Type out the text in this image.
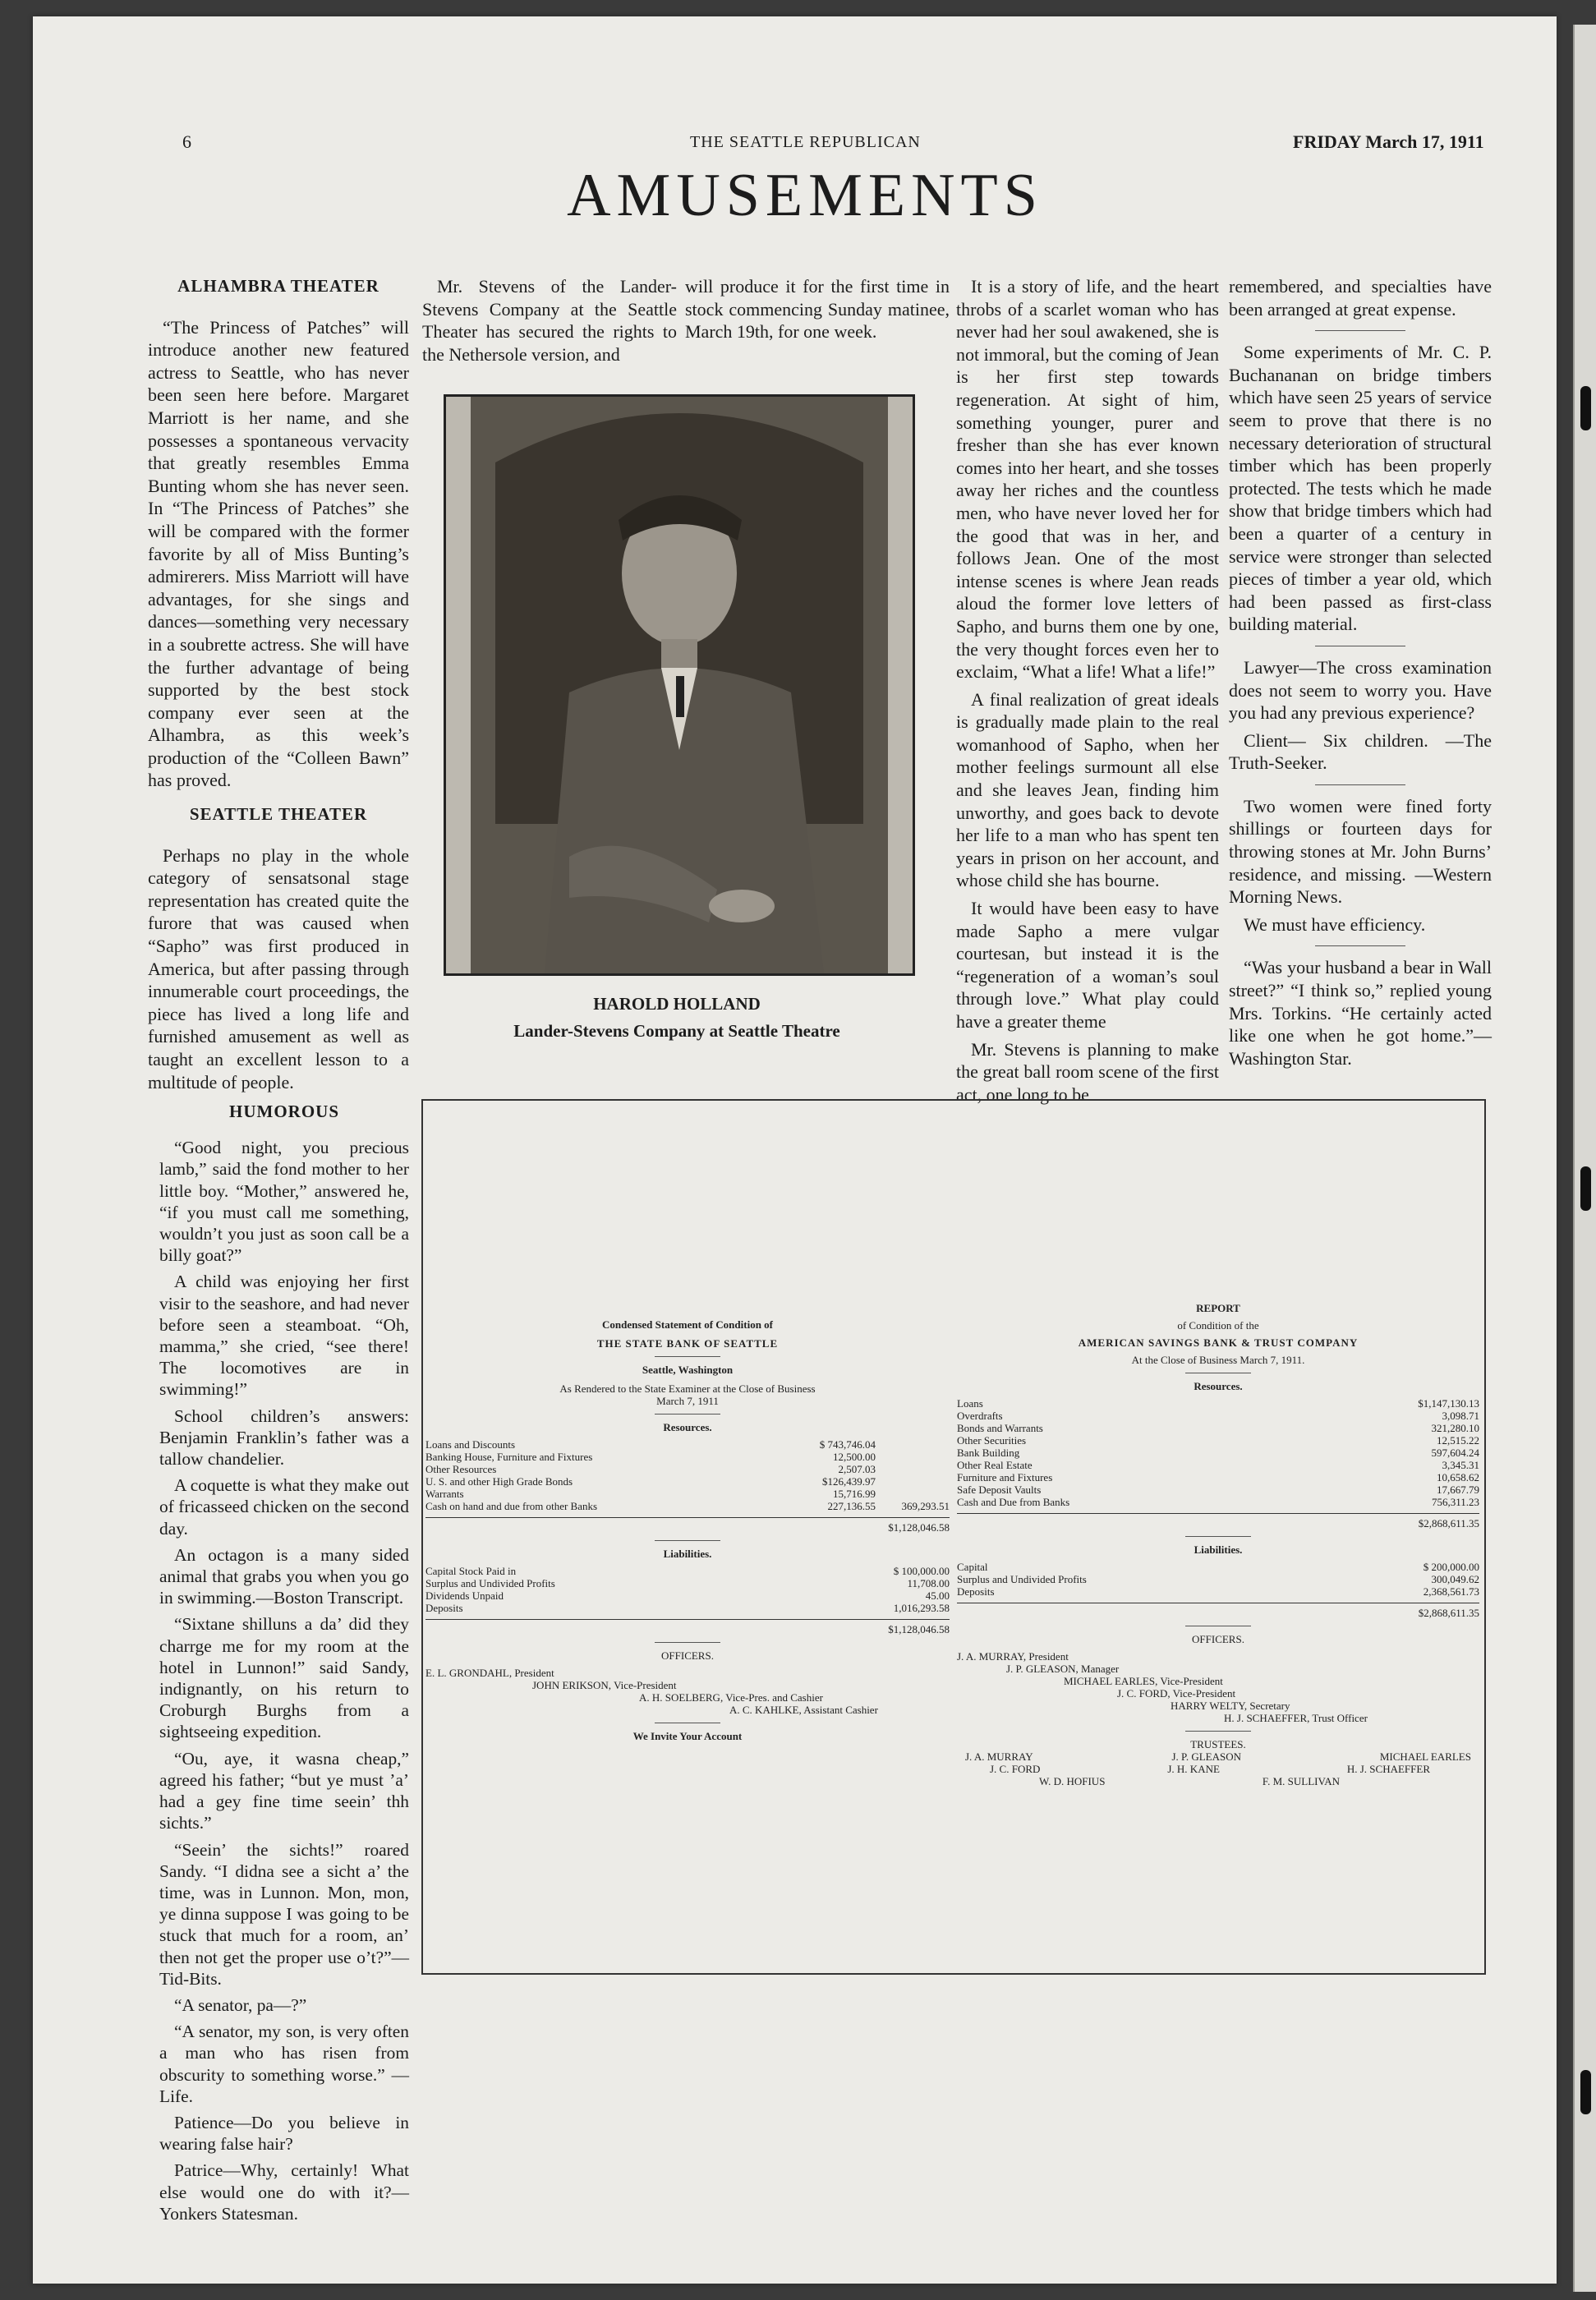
6	THE SEATTLE REPUBLICAN	FRIDAY March 17, 1911
AMUSEMENTS
ALHAMBRA THEATER

“The Princess of Patches” will introduce another new featured actress to Seattle, who has never been seen here before. Margaret Marriott is her name, and she possesses a spontaneous vervacity that greatly resembles Emma Bunting whom she has never seen. In “The Princess of Patches” she will be compared with the former favorite by all of Miss Bunting’s admirerers. Miss Marriott will have advantages, for she sings and dances—something very necessary in a soubrette actress. She will have the further advantage of being supported by the best stock company ever seen at the Alhambra, as this week’s production of the “Colleen Bawn” has proved.

SEATTLE THEATER

Perhaps no play in the whole category of sensatsonal stage representation has created quite the furore that was caused when “Sapho” was first produced in America, but after passing through innumerable court proceedings, the piece has lived a long life and furnished amusement as well as taught an excellent lesson to a multitude of people.

Mr. Stevens of the Lander-Stevens Company at the Seattle Theater has secured the rights to the Nethersole version, and

will produce it for the first time in stock commencing Sunday matinee, March 19th, for one week.

HAROLD HOLLAND
Lander-Stevens Company at Seattle Theatre

It is a story of life, and the heart throbs of a scarlet woman who has never had her soul awakened, she is not immoral, but the coming of Jean is her first step towards regeneration. At sight of him, something younger, purer and fresher than she has ever known comes into her heart, and she tosses away her riches and the countless men, who have never loved her for the good that was in her, and follows Jean. One of the most intense scenes is where Jean reads aloud the former love letters of Sapho, and burns them one by one, the very thought forces even her to exclaim, “What a life! What a life!”

A final realization of great ideals is gradually made plain to the real womanhood of Sapho, when her mother feelings surmount all else and she leaves Jean, finding him unworthy, and goes back to devote her life to a man who has spent ten years in prison on her account, and whose child she has bourne.

It would have been easy to have made Sapho a mere vulgar courtesan, but instead it is the “regeneration of a woman’s soul through love.” What play could have a greater theme

Mr. Stevens is planning to make the great ball room scene of the first act, one long to be

remembered, and specialties have been arranged at great expense.

Some experiments of Mr. C. P. Buchananan on bridge timbers which have seen 25 years of service seem to prove that there is no necessary deterioration of structural timber which has been properly protected. The tests which he made show that bridge timbers which had been a quarter of a century in service were stronger than selected pieces of timber a year old, which had been passed as first-class building material.

Lawyer—The cross examination does not seem to worry you. Have you had any previous experience?

Client— Six children. —The Truth-Seeker.

Two women were fined forty shillings or fourteen days for throwing stones at Mr. John Burns’ residence, and missing. —Western Morning News.

We must have efficiency.

“Was your husband a bear in Wall street?” “I think so,” replied young Mrs. Torkins. “He certainly acted like one when he got home.”—Washington Star.

HUMOROUS

“Good night, you precious lamb,” said the fond mother to her little boy. “Mother,” answered he, “if you must call me something, wouldn’t you just as soon call be a billy goat?”

A child was enjoying her first visir to the seashore, and had never before seen a steamboat. “Oh, mamma,” she cried, “see there! The locomotives are in swimming!”

School children’s answers: Benjamin Franklin’s father was a tallow chandelier.

A coquette is what they make out of fricasseed chicken on the second day.

An octagon is a many sided animal that grabs you when you go in swimming.—Boston Transcript.

“Sixtane shilluns a da’ did they charrge me for my room at the hotel in Lunnon!” said Sandy, indignantly, on his return to Croburgh Burghs from a sightseeing expedition.

“Ou, aye, it wasna cheap,” agreed his father; “but ye must ’a’ had a gey fine time seein’ thh sichts.”

“Seein’ the sichts!” roared Sandy. “I didna see a sicht a’ the time, was in Lunnon. Mon, mon, ye dinna suppose I was going to be stuck that much for a room, an’ then not get the proper use o’t?”—Tid-Bits.

“A senator, pa—?”

“A senator, my son, is very often a man who has risen from obscurity to something worse.” —Life.

Patience—Do you believe in wearing false hair?

Patrice—Why, certainly! What else would one do with it?—Yonkers Statesman.

Condensed Statement of Condition of
THE STATE BANK OF SEATTLE
Seattle, Washington
As Rendered to the State Examiner at the Close of Business
March 7, 1911
Resources.
Loans and Discounts	$ 743,746.04
Banking House, Furniture and Fixtures	12,500.00
Other Resources	2,507.03
U. S. and other High Grade Bonds	$126,439.97
Warrants	15,716.99
Cash on hand and due from other Banks	227,136.55	369,293.51
$1,128,046.58
Liabilities.
Capital Stock Paid in	$ 100,000.00
Surplus and Undivided Profits	11,708.00
Dividends Unpaid	45.00
Deposits	1,016,293.58
$1,128,046.58
OFFICERS.
E. L. GRONDAHL, President
JOHN ERIKSON, Vice-President
A. H. SOELBERG, Vice-Pres. and Cashier
A. C. KAHLKE, Assistant Cashier
We Invite Your Account
REPORT
of Condition of the
AMERICAN SAVINGS BANK & TRUST COMPANY
At the Close of Business March 7, 1911.
Resources.
Loans	$1,147,130.13
Overdrafts	3,098.71
Bonds and Warrants	321,280.10
Other Securities	12,515.22
Bank Building	597,604.24
Other Real Estate	3,345.31
Furniture and Fixtures	10,658.62
Safe Deposit Vaults	17,667.79
Cash and Due from Banks	756,311.23
$2,868,611.35
Liabilities.
Capital	$ 200,000.00
Surplus and Undivided Profits	300,049.62
Deposits	2,368,561.73
$2,868,611.35
OFFICERS.
J. A. MURRAY, President
J. P. GLEASON, Manager
MICHAEL EARLES, Vice-President
J. C. FORD, Vice-President
HARRY WELTY, Secretary
H. J. SCHAEFFER, Trust Officer
TRUSTEES.
J. A. MURRAY	J. P. GLEASON	MICHAEL EARLES
J. C. FORD	J. H. KANE	H. J. SCHAEFFER
W. D. HOFIUS	F. M. SULLIVAN
